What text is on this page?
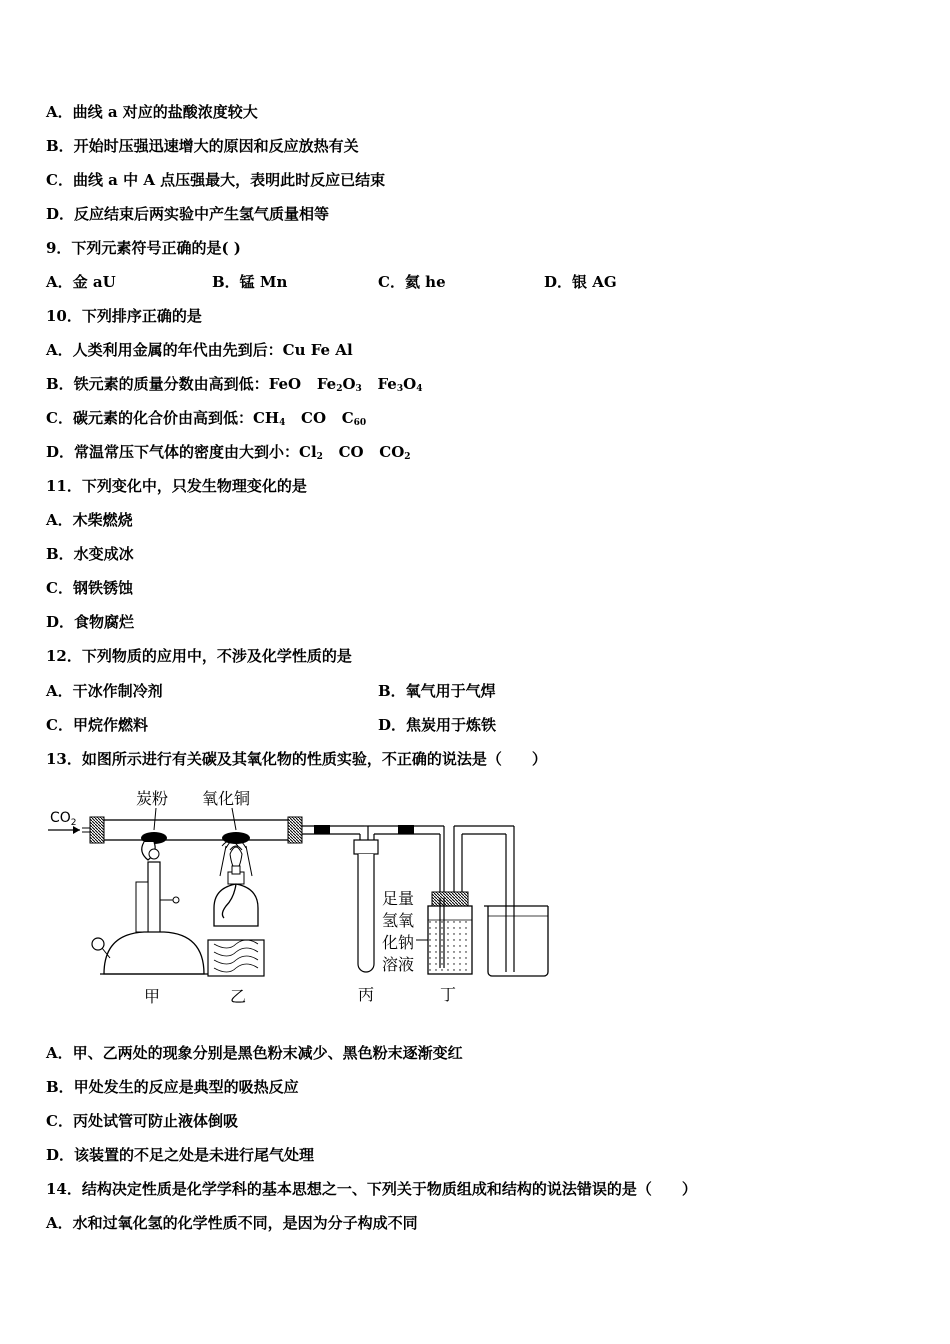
A．曲线 a 对应的盐酸浓度较大
B．开始时压强迅速增大的原因和反应放热有关
C．曲线 a 中 A 点压强最大，表明此时反应已结束
D．反应结束后两实验中产生氢气质量相等
9．下列元素符号正确的是( )
A．金 aU	B．锰 Mn	C．氦 he	D．银 AG
10．下列排序正确的是
A．人类利用金属的年代由先到后：Cu Fe Al
B．铁元素的质量分数由高到低：FeO $Fe_2O_3$ $Fe_3O_4$
C．碳元素的化合价由高到低：$CH_4$ CO $C_{60}$
D．常温常压下气体的密度由大到小：$Cl_2$ CO $CO_2$
11．下列变化中，只发生物理变化的是
A．木柴燃烧
B．水变成冰
C．钢铁锈蚀
D．食物腐烂
12．下列物质的应用中，不涉及化学性质的是
A．干冰作制冷剂	B．氧气用于气焊
C．甲烷作燃料	D．焦炭用于炼铁
13．如图所示进行有关碳及其氧化物的性质实验，不正确的说法是（　　）
$CO_2$
炭粉 氧化铜
足量 氢氧 化钠 溶液
甲	乙	丙	丁
A．甲、乙两处的现象分别是黑色粉末减少、黑色粉末逐渐变红
B．甲处发生的反应是典型的吸热反应
C．丙处试管可防止液体倒吸
D．该装置的不足之处是未进行尾气处理
14．结构决定性质是化学学科的基本思想之一、下列关于物质组成和结构的说法错误的是（　　）
A．水和过氧化氢的化学性质不同，是因为分子构成不同
